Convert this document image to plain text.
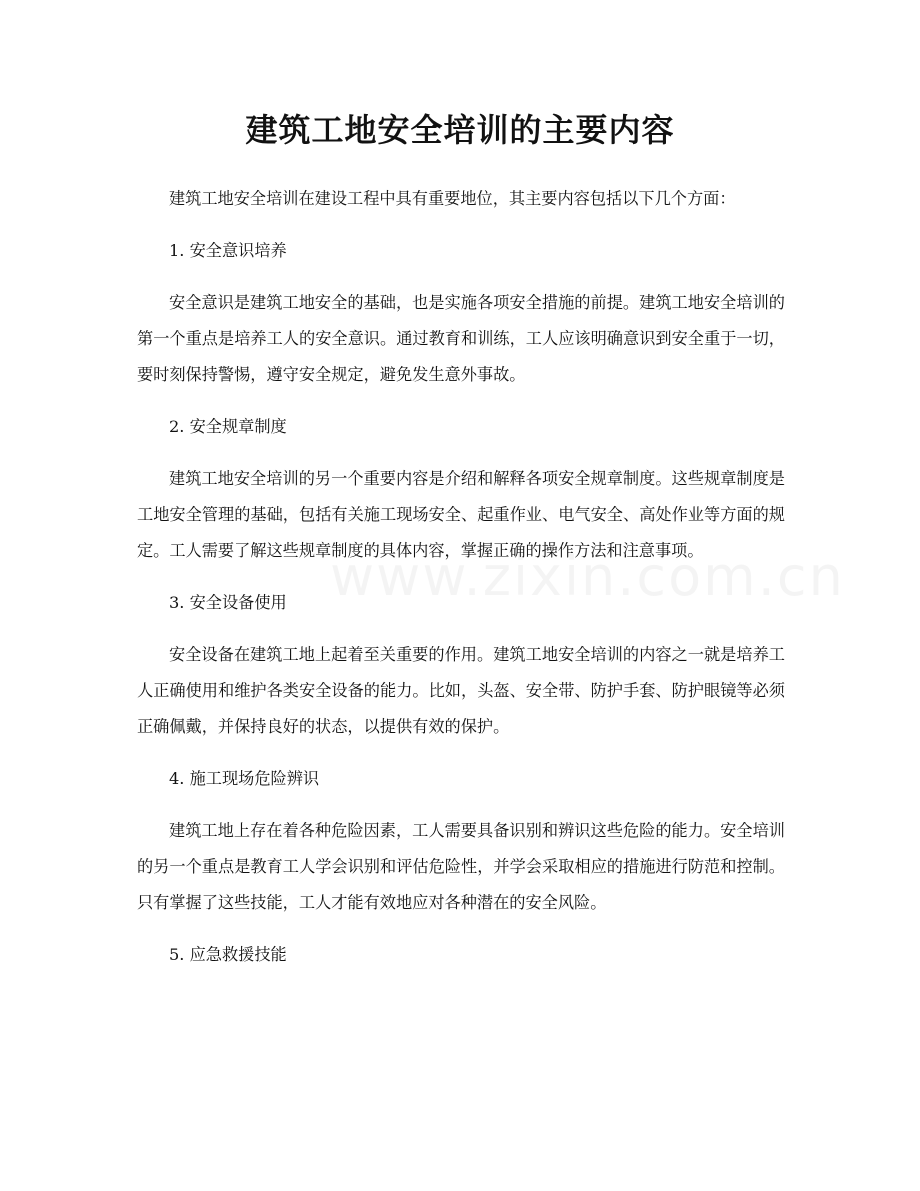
建筑工地安全培训的主要内容

建筑工地安全培训在建设工程中具有重要地位，其主要内容包括以下几个方面：

1. 安全意识培养

安全意识是建筑工地安全的基础，也是实施各项安全措施的前提。建筑工地安全培训的第一个重点是培养工人的安全意识。通过教育和训练，工人应该明确意识到安全重于一切，要时刻保持警惕，遵守安全规定，避免发生意外事故。

2. 安全规章制度

建筑工地安全培训的另一个重要内容是介绍和解释各项安全规章制度。这些规章制度是工地安全管理的基础，包括有关施工现场安全、起重作业、电气安全、高处作业等方面的规定。工人需要了解这些规章制度的具体内容，掌握正确的操作方法和注意事项。

3. 安全设备使用

安全设备在建筑工地上起着至关重要的作用。建筑工地安全培训的内容之一就是培养工人正确使用和维护各类安全设备的能力。比如，头盔、安全带、防护手套、防护眼镜等必须正确佩戴，并保持良好的状态，以提供有效的保护。

4. 施工现场危险辨识

建筑工地上存在着各种危险因素，工人需要具备识别和辨识这些危险的能力。安全培训的另一个重点是教育工人学会识别和评估危险性，并学会采取相应的措施进行防范和控制。只有掌握了这些技能，工人才能有效地应对各种潜在的安全风险。

5. 应急救援技能
